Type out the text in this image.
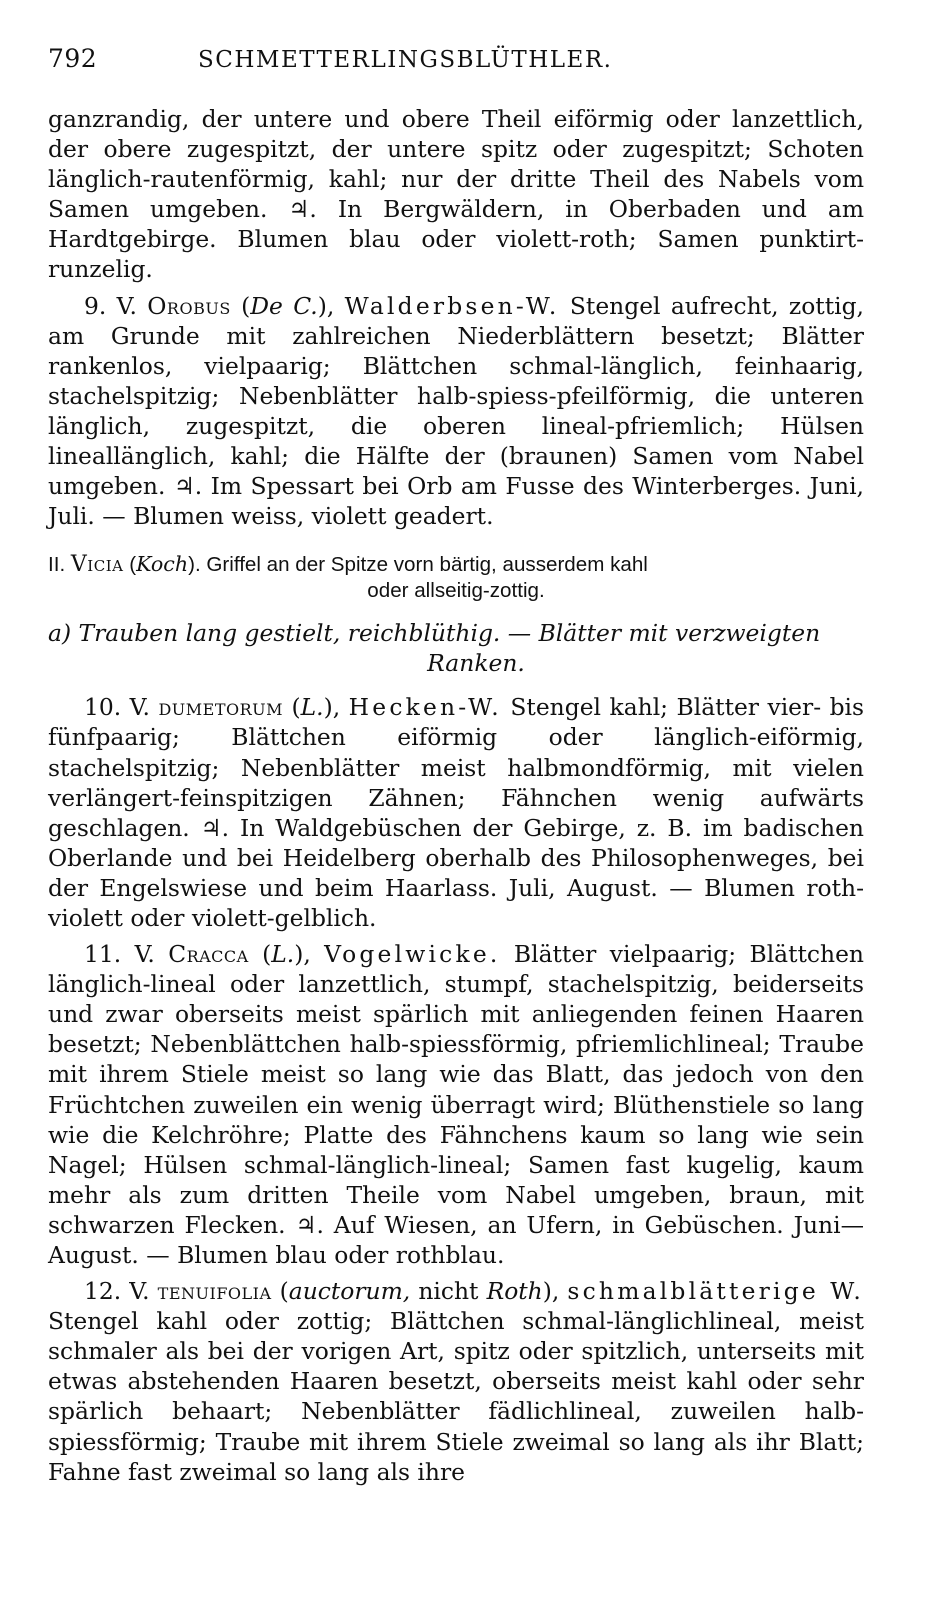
792	SCHMETTERLINGSBLÜTHLER.

ganzrandig, der untere und obere Theil eiförmig oder lanzettlich, der obere zugespitzt, der untere spitz oder zugespitzt; Schoten länglich-rautenförmig, kahl; nur der dritte Theil des Nabels vom Samen umgeben. ♃. In Bergwäldern, in Oberbaden und am Hardtgebirge. Blumen blau oder violett-roth; Samen punktirt-runzelig.

9. V. Orobus (De C.), Walderbsen-W. Stengel aufrecht, zottig, am Grunde mit zahlreichen Niederblättern besetzt; Blätter rankenlos, vielpaarig; Blättchen schmal-länglich, feinhaarig, stachelspitzig; Nebenblätter halb-spiess-pfeilförmig, die unteren länglich, zugespitzt, die oberen lineal-pfriemlich; Hülsen lineallänglich, kahl; die Hälfte der (braunen) Samen vom Nabel umgeben. ♃. Im Spessart bei Orb am Fusse des Winterberges. Juni, Juli. — Blumen weiss, violett geadert.

II. Vicia (Koch). Griffel an der Spitze vorn bärtig, ausserdem kahl
oder allseitig-zottig.
a) Trauben lang gestielt, reichblüthig. — Blätter mit verzweigten
Ranken.

10. V. dumetorum (L.), Hecken-W. Stengel kahl; Blätter vier- bis fünfpaarig; Blättchen eiförmig oder länglich-eiförmig, stachelspitzig; Nebenblätter meist halbmondförmig, mit vielen verlängert-feinspitzigen Zähnen; Fähnchen wenig aufwärts geschlagen. ♃. In Waldgebüschen der Gebirge, z. B. im badischen Oberlande und bei Heidelberg oberhalb des Philosophenweges, bei der Engelswiese und beim Haarlass. Juli, August. — Blumen roth-violett oder violett-gelblich.

11. V. Cracca (L.), Vogelwicke. Blätter vielpaarig; Blättchen länglich-lineal oder lanzettlich, stumpf, stachelspitzig, beiderseits und zwar oberseits meist spärlich mit anliegenden feinen Haaren besetzt; Nebenblättchen halb-spiessförmig, pfriemlichlineal; Traube mit ihrem Stiele meist so lang wie das Blatt, das jedoch von den Früchtchen zuweilen ein wenig überragt wird; Blüthenstiele so lang wie die Kelchröhre; Platte des Fähnchens kaum so lang wie sein Nagel; Hülsen schmal-länglich-lineal; Samen fast kugelig, kaum mehr als zum dritten Theile vom Nabel umgeben, braun, mit schwarzen Flecken. ♃. Auf Wiesen, an Ufern, in Gebüschen. Juni—August. — Blumen blau oder rothblau.

12. V. tenuifolia (auctorum, nicht Roth), schmalblätterige W. Stengel kahl oder zottig; Blättchen schmal-länglichlineal, meist schmaler als bei der vorigen Art, spitz oder spitzlich, unterseits mit etwas abstehenden Haaren besetzt, oberseits meist kahl oder sehr spärlich behaart; Nebenblätter fädlichlineal, zuweilen halb-spiessförmig; Traube mit ihrem Stiele zweimal so lang als ihr Blatt; Fahne fast zweimal so lang als ihre
